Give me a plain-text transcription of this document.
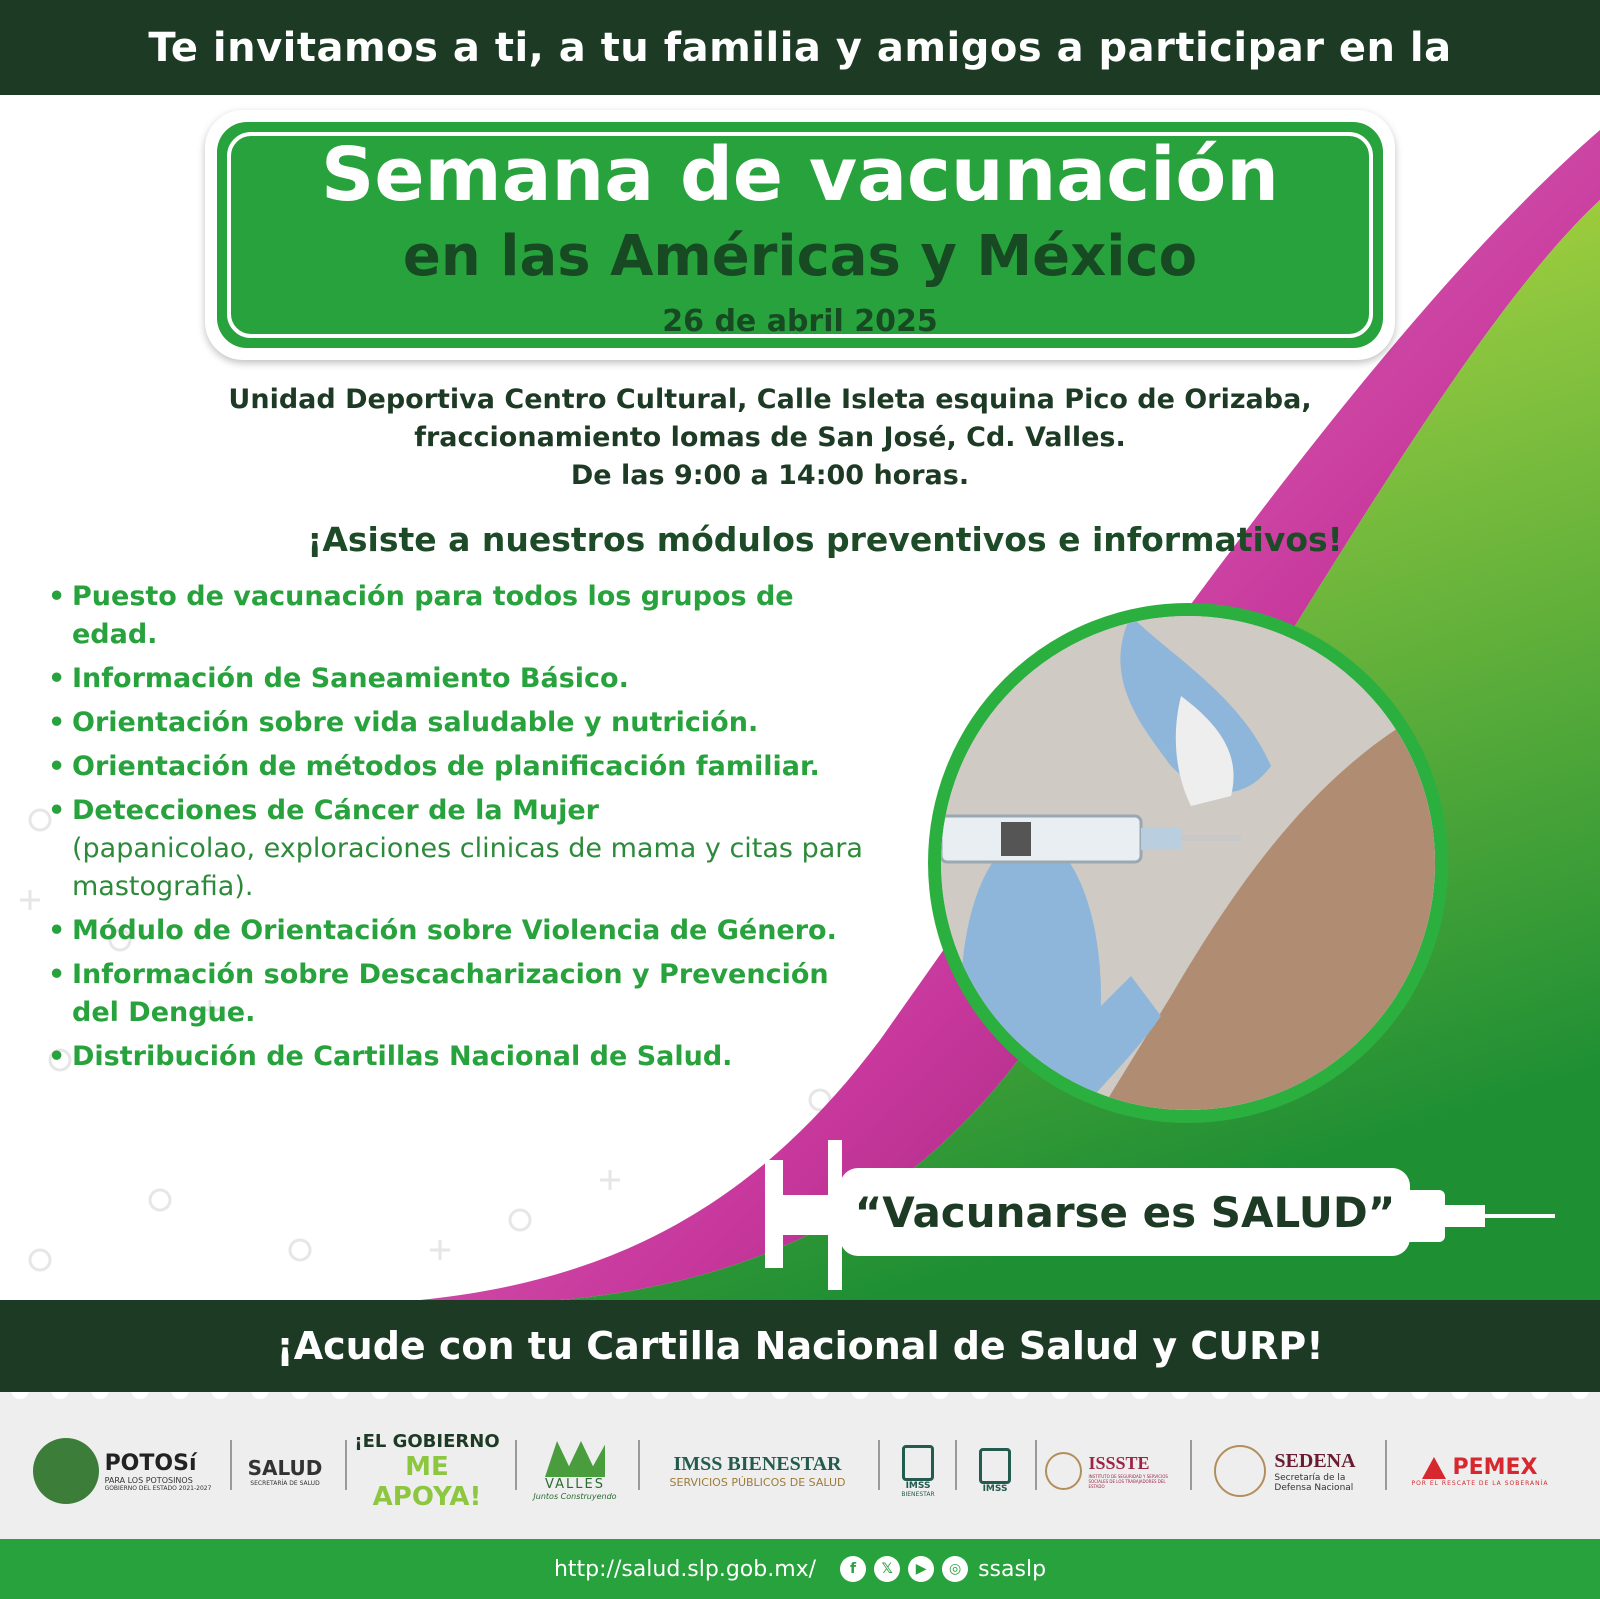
Te invitamos a ti, a tu familia y amigos a participar en la
Semana de vacunación
en las Américas y México
26 de abril 2025
Unidad Deportiva Centro Cultural, Calle Isleta esquina Pico de Orizaba,
fraccionamiento lomas de San José, Cd. Valles.
De las 9:00 a 14:00 horas.
¡Asiste a nuestros módulos preventivos e informativos!
• Puesto de vacunación para todos los grupos de edad.
• Información de Saneamiento Básico.
• Orientación sobre vida saludable y nutrición.
• Orientación de métodos de planificación familiar.
• Detecciones de Cáncer de la Mujer
(papanicolao, exploraciones clinicas de mama y citas para mastografia).
• Módulo de Orientación sobre Violencia de Género.
• Información sobre Descacharizacion y Prevención del Dengue.
• Distribución de Cartillas Nacional de Salud.
“Vacunarse es SALUD”
¡Acude con tu Cartilla Nacional de Salud y CURP!
POTOSí
PARA LOS POTOSINOS
GOBIERNO DEL ESTADO 2021-2027
SALUD
SECRETARÍA DE SALUD
¡EL GOBIERNO
ME APOYA!	VALLES
Juntos Construyendo
IMSS BIENESTAR
SERVICIOS PÚBLICOS DE SALUD	IMSS
BIENESTAR	IMSS
ISSSTE
INSTITUTO DE SEGURIDAD Y SERVICIOS SOCIALES DE LOS TRABAJADORES DEL ESTADO
SEDENA
Secretaría de la
Defensa Nacional
PEMEX
POR EL RESCATE DE LA SOBERANÍA
http://salud.slp.gob.mx/	f	𝕏	▶	◎ ssaslp
